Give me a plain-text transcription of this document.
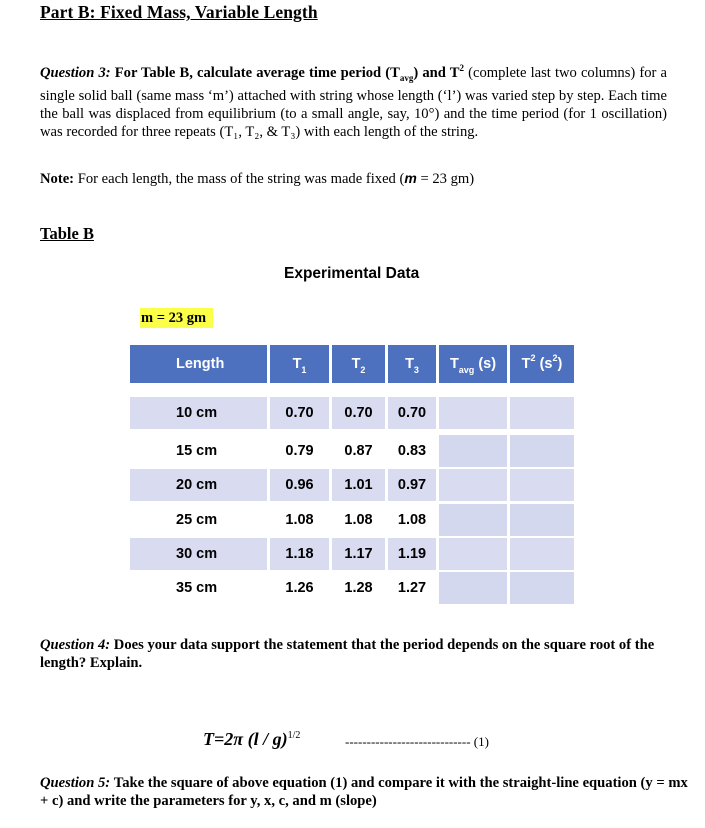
Part B: Fixed Mass, Variable Length
Question 3: For Table B, calculate average time period $(T_{avg})$ and $T^2$ (complete last two columns) for a single solid ball (same mass ‘m’) attached with string whose length (‘l’) was varied step by step. Each time the ball was displaced from equilibrium (to a small angle, say, 10°) and the time period (for 1 oscillation) was recorded for three repeats (T₁, T₂, & T₃) with each length of the string.
Note: For each length, the mass of the string was made fixed (m = 23 gm)
Table B
Experimental Data
m = 23 gm
Length	$T_1$	$T_2$	$T_3$	$T_{avg}$ (s)	$T^2$ $(s^2)$
10 cm	0.70	0.70	0.70
15 cm	0.79	0.87	0.83
20 cm	0.96	1.01	0.97
25 cm	1.08	1.08	1.08
30 cm	1.18	1.17	1.19
35 cm	1.26	1.28	1.27
Question 4: Does your data support the statement that the period depends on the square root of the length? Explain.
T=2π (l / g)$^{1/2}$	----------------------------- (1)
Question 5: Take the square of above equation (1) and compare it with the straight-line equation (y = mx + c) and write the parameters for y, x, c, and m (slope)
